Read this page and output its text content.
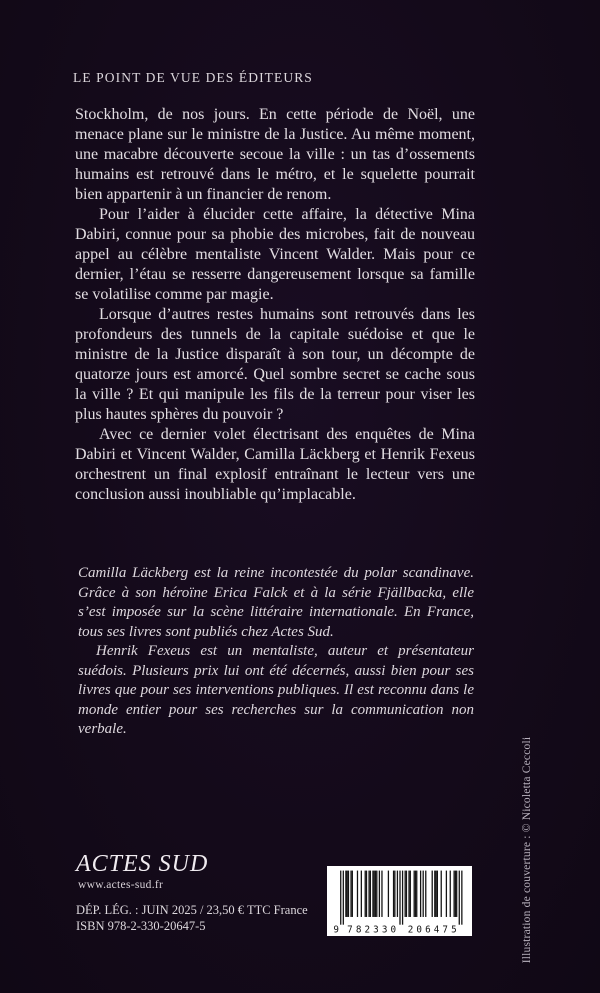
LE POINT DE VUE DES ÉDITEURS

Stockholm, de nos jours. En cette période de Noël, une menace plane sur le ministre de la Justice. Au même moment, une macabre découverte secoue la ville : un tas d’ossements humains est retrouvé dans le métro, et le squelette pourrait bien appartenir à un financier de renom.

Pour l’aider à élucider cette affaire, la détective Mina Dabiri, connue pour sa phobie des microbes, fait de nouveau appel au célèbre mentaliste Vincent Walder. Mais pour ce dernier, l’étau se resserre dangereusement lorsque sa famille se volatilise comme par magie.

Lorsque d’autres restes humains sont retrouvés dans les profondeurs des tunnels de la capitale suédoise et que le ministre de la Justice disparaît à son tour, un décompte de quatorze jours est amorcé. Quel sombre secret se cache sous la ville ? Et qui manipule les fils de la terreur pour viser les plus hautes sphères du pouvoir ?

Avec ce dernier volet électrisant des enquêtes de Mina Dabiri et Vincent Walder, Camilla Läckberg et Henrik Fexeus orchestrent un final explosif entraînant le lecteur vers une conclusion aussi inoubliable qu’implacable.

Camilla Läckberg est la reine incontestée du polar scandinave. Grâce à son héroïne Erica Falck et à la série Fjällbacka, elle s’est imposée sur la scène littéraire internationale. En France, tous ses livres sont publiés chez Actes Sud.

Henrik Fexeus est un mentaliste, auteur et présentateur suédois. Plusieurs prix lui ont été décernés, aussi bien pour ses livres que pour ses interventions publiques. Il est reconnu dans le monde entier pour ses recherches sur la communication non verbale.

ACTES SUD
www.actes-sud.fr
DÉP. LÉG. : JUIN 2025 / 23,50 € TTC France
ISBN 978-2-330-20647-5	9 782330 206475	Illustration de couverture : © Nicoletta Ceccoli
